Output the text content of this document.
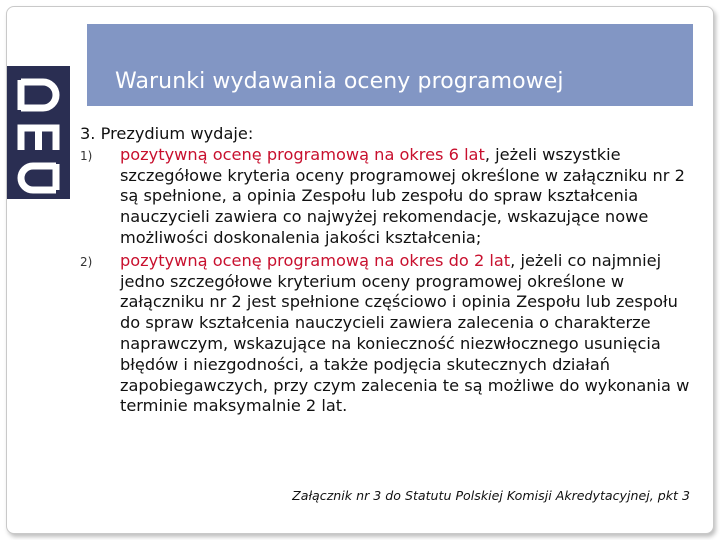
Warunki wydawania oceny programowej

3. Prezydium wydaje:

1) pozytywną ocenę programową na okres 6 lat, jeżeli wszystkie szczegółowe kryteria oceny programowej określone w załączniku nr 2 są spełnione, a opinia Zespołu lub zespołu do spraw kształcenia nauczycieli zawiera co najwyżej rekomendacje, wskazujące nowe możliwości doskonalenia jakości kształcenia;

2) pozytywną ocenę programową na okres do 2 lat, jeżeli co najmniej jedno szczegółowe kryterium oceny programowej określone w załączniku nr 2 jest spełnione częściowo i opinia Zespołu lub zespołu do spraw kształcenia nauczycieli zawiera zalecenia o charakterze naprawczym, wskazujące na konieczność niezwłocznego usunięcia błędów i niezgodności, a także podjęcia skutecznych działań zapobiegawczych, przy czym zalecenia te są możliwe do wykonania w terminie maksymalnie 2 lat.

Załącznik nr 3 do Statutu Polskiej Komisji Akredytacyjnej, pkt 3
